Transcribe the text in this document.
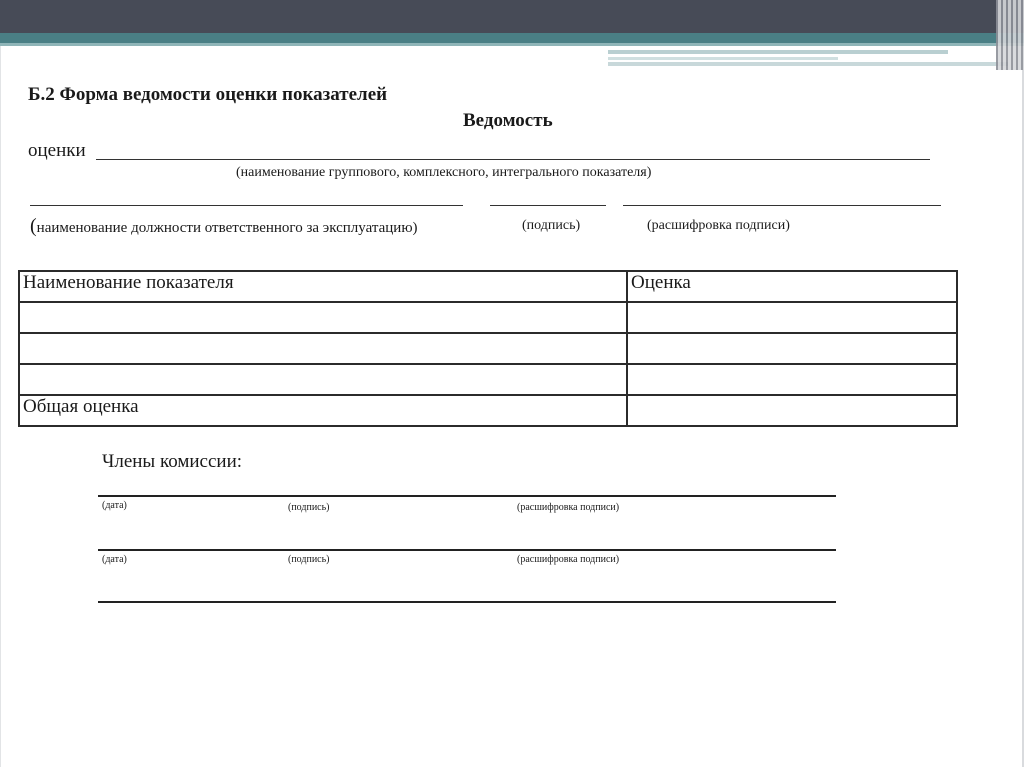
Б.2 Форма ведомости оценки показателей
Ведомость
оценки
(наименование группового, комплексного, интегрального показателя)
(наименование должности ответственного за эксплуатацию)	(подпись)	(расшифровка подписи)
Наименование показателя	Оценка

Общая оценка	
Члены комиссии:
(дата)	(подпись)	(расшифровка подписи)
(дата)	(подпись)	(расшифровка подписи)
